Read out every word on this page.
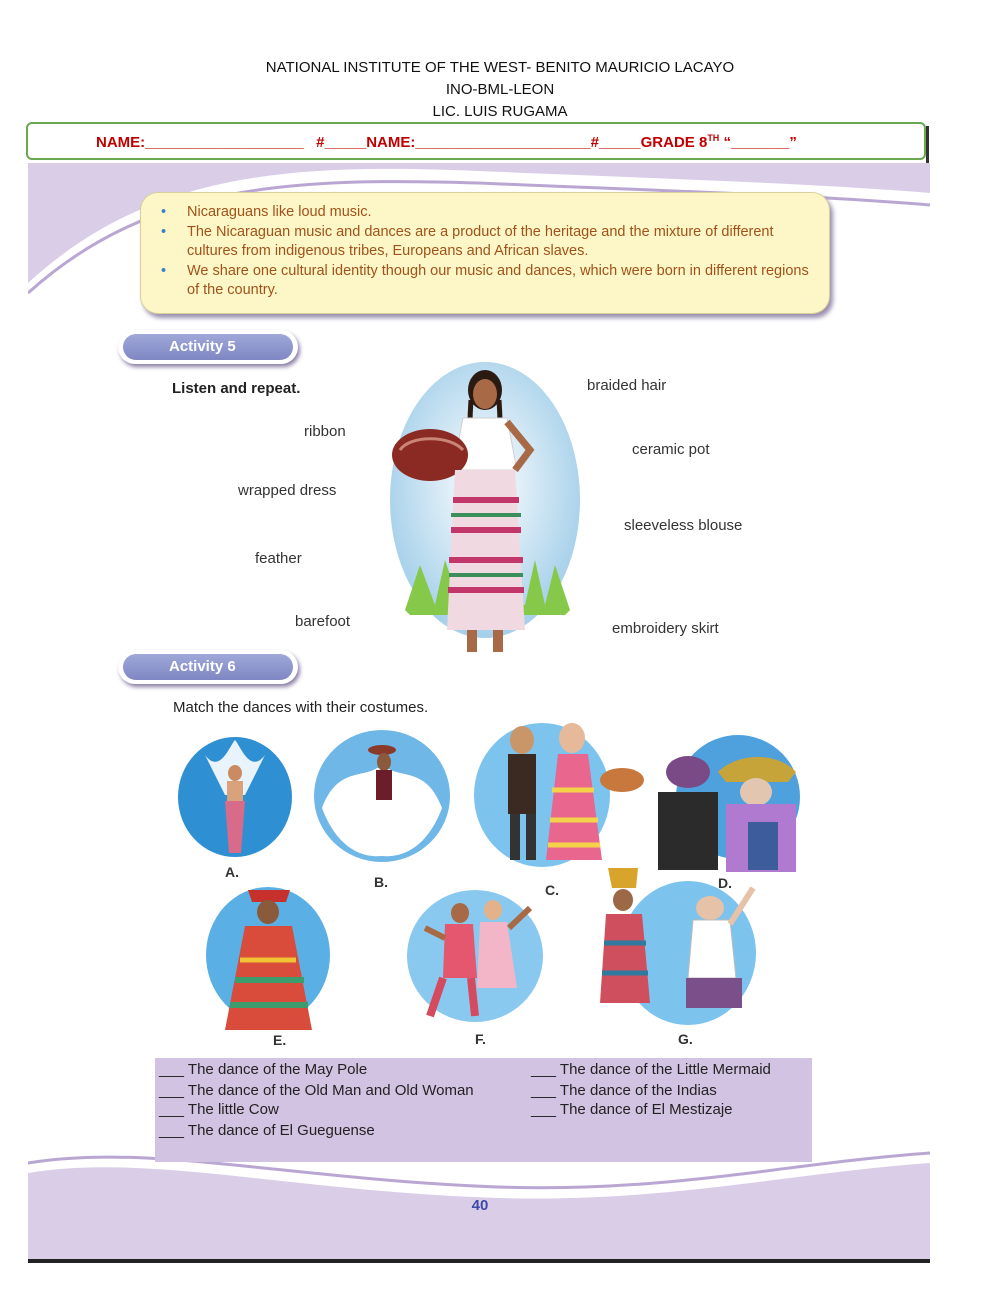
NATIONAL INSTITUTE OF THE WEST- BENITO MAURICIO LACAYO
INO-BML-LEON
LIC. LUIS RUGAMA
NAME:___________________   #_____NAME:_____________________#_____GRADE 8TH “_______”
• Nicaraguans like loud music.
• The Nicaraguan music and dances are a product of the heritage and the mixture of different cultures from indigenous tribes, Europeans and African slaves.
• We share one cultural identity though our music and dances, which were born in different regions of the country.
Activity 5
Listen and repeat.
ribbon
wrapped dress
feather
barefoot
braided hair
ceramic pot
sleeveless blouse
embroidery skirt
Activity 6
Match the dances with their costumes.
A.
B.	C.	D.
E.	F.	G.
___ The dance of the May Pole
___ The dance of the Old Man and Old Woman
___ The little Cow
___ The dance of El Gueguense
___ The dance of the Little Mermaid
___ The dance of the Indias
___ The dance of El Mestizaje
40
